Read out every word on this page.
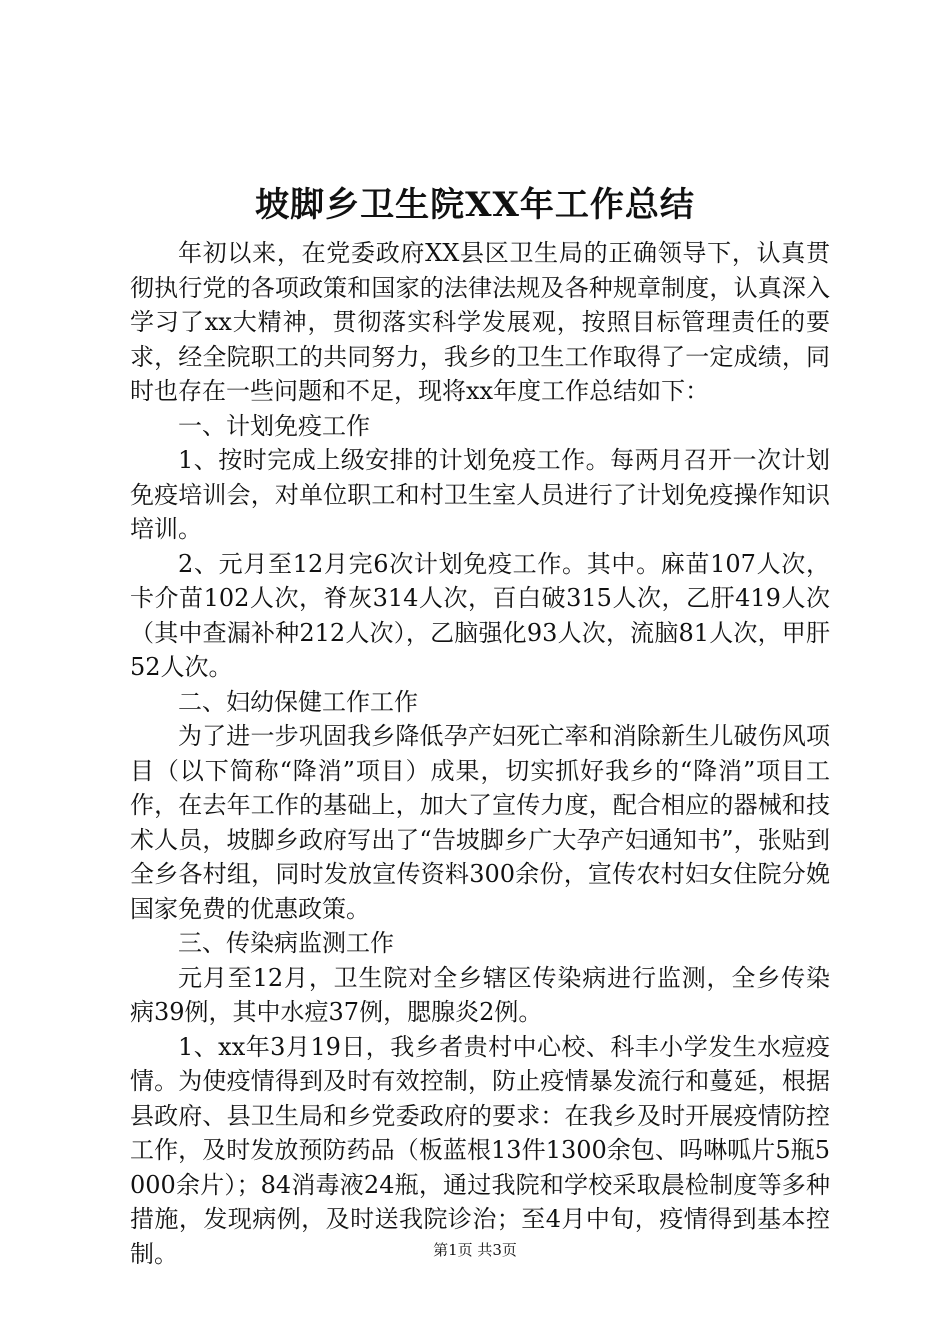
坡脚乡卫生院XX年工作总结

年初以来，在党委政府XX县区卫生局的正确领导下，认真贯彻执行党的各项政策和国家的法律法规及各种规章制度，认真深入学习了xx大精神，贯彻落实科学发展观，按照目标管理责任的要求，经全院职工的共同努力，我乡的卫生工作取得了一定成绩，同时也存在一些问题和不足，现将xx年度工作总结如下：

一、计划免疫工作

1、按时完成上级安排的计划免疫工作。每两月召开一次计划免疫培训会，对单位职工和村卫生室人员进行了计划免疫操作知识培训。

2、元月至12月完6次计划免疫工作。其中。麻苗107人次，卡介苗102人次，脊灰314人次，百白破315人次，乙肝419人次（其中查漏补种212人次），乙脑强化93人次，流脑81人次，甲肝52人次。

二、妇幼保健工作工作

为了进一步巩固我乡降低孕产妇死亡率和消除新生儿破伤风项目（以下简称“降消”项目）成果，切实抓好我乡的“降消”项目工作，在去年工作的基础上，加大了宣传力度，配合相应的器械和技术人员，坡脚乡政府写出了“告坡脚乡广大孕产妇通知书”，张贴到全乡各村组，同时发放宣传资料300余份，宣传农村妇女住院分娩国家免费的优惠政策。

三、传染病监测工作

元月至12月，卫生院对全乡辖区传染病进行监测，全乡传染病39例，其中水痘37例，腮腺炎2例。

1、xx年3月19日，我乡者贵村中心校、科丰小学发生水痘疫情。为使疫情得到及时有效控制，防止疫情暴发流行和蔓延，根据县政府、县卫生局和乡党委政府的要求：在我乡及时开展疫情防控工作，及时发放预防药品（板蓝根13件1300余包、吗啉呱片5瓶5000余片）；84消毒液24瓶，通过我院和学校采取晨检制度等多种措施，发现病例，及时送我院诊治；至4月中旬，疫情得到基本控制。	第1页 共3页
